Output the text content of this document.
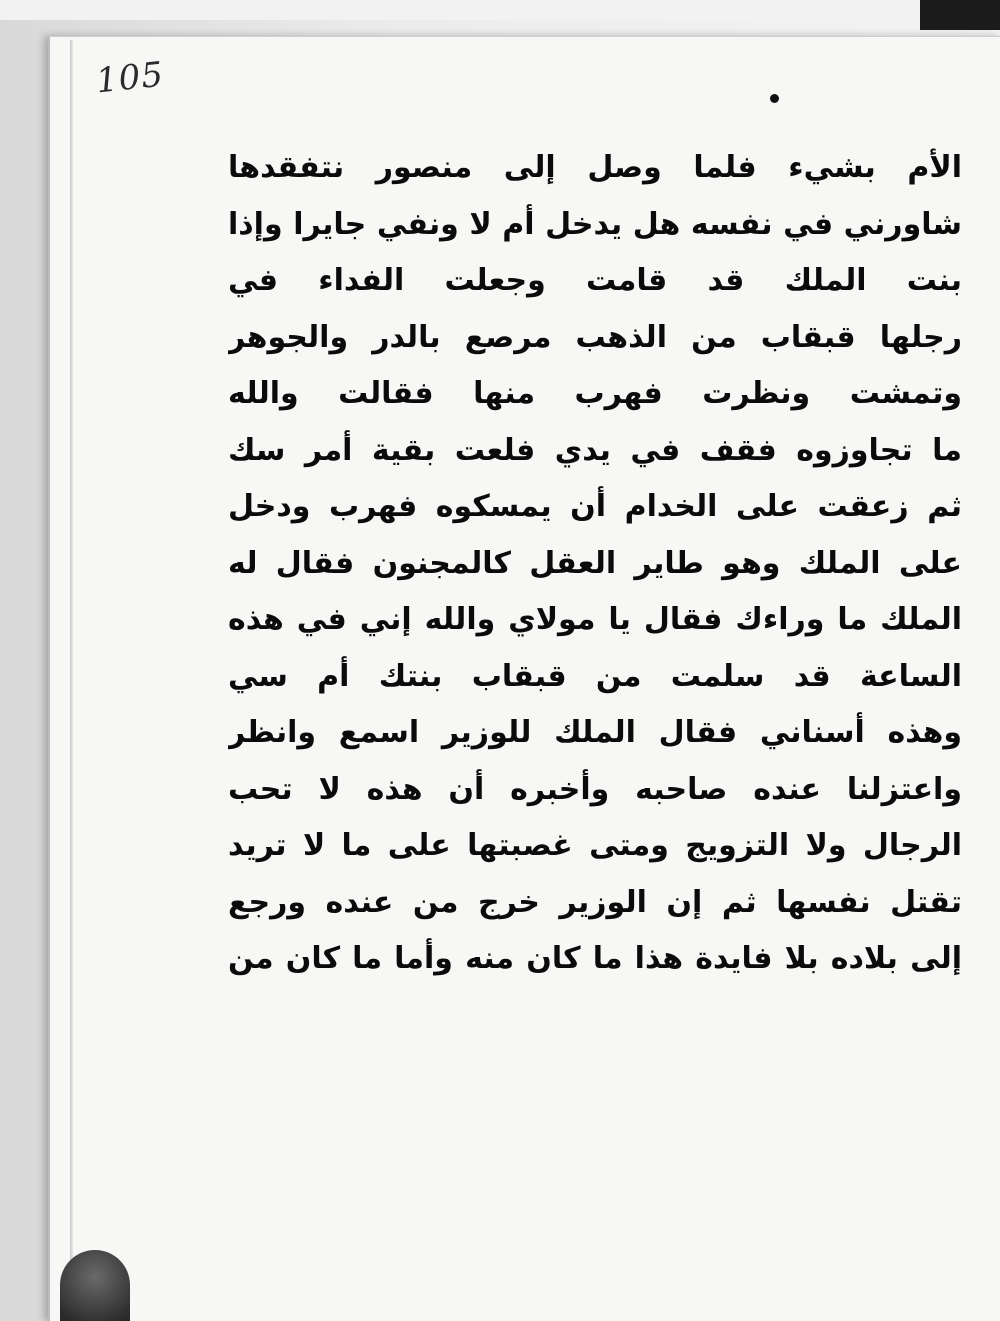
105
الأم بشيء فلما وصل إلى منصور نتفقدها
شاورني في نفسه هل يدخل أم لا ونفي جايرا وإذا
بنت الملك قد قامت وجعلت الفداء في
رجلها قبقاب من الذهب مرصع بالدر والجوهر
وتمشت ونظرت فهرب منها فقالت والله
ما تجاوزوه فقف في يدي فلعت بقية أمر سك
ثم زعقت على الخدام أن يمسكوه فهرب ودخل
على الملك وهو طاير العقل كالمجنون فقال له
الملك ما وراءك فقال يا مولاي والله إني في هذه
الساعة قد سلمت من قبقاب بنتك أم سي
وهذه أسناني فقال الملك للوزير اسمع وانظر
واعتزلنا عنده صاحبه وأخبره أن هذه لا تحب
الرجال ولا التزويج ومتى غصبتها على ما لا تريد
تقتل نفسها ثم إن الوزير خرج من عنده ورجع
إلى بلاده بلا فايدة هذا ما كان منه وأما ما كان من
